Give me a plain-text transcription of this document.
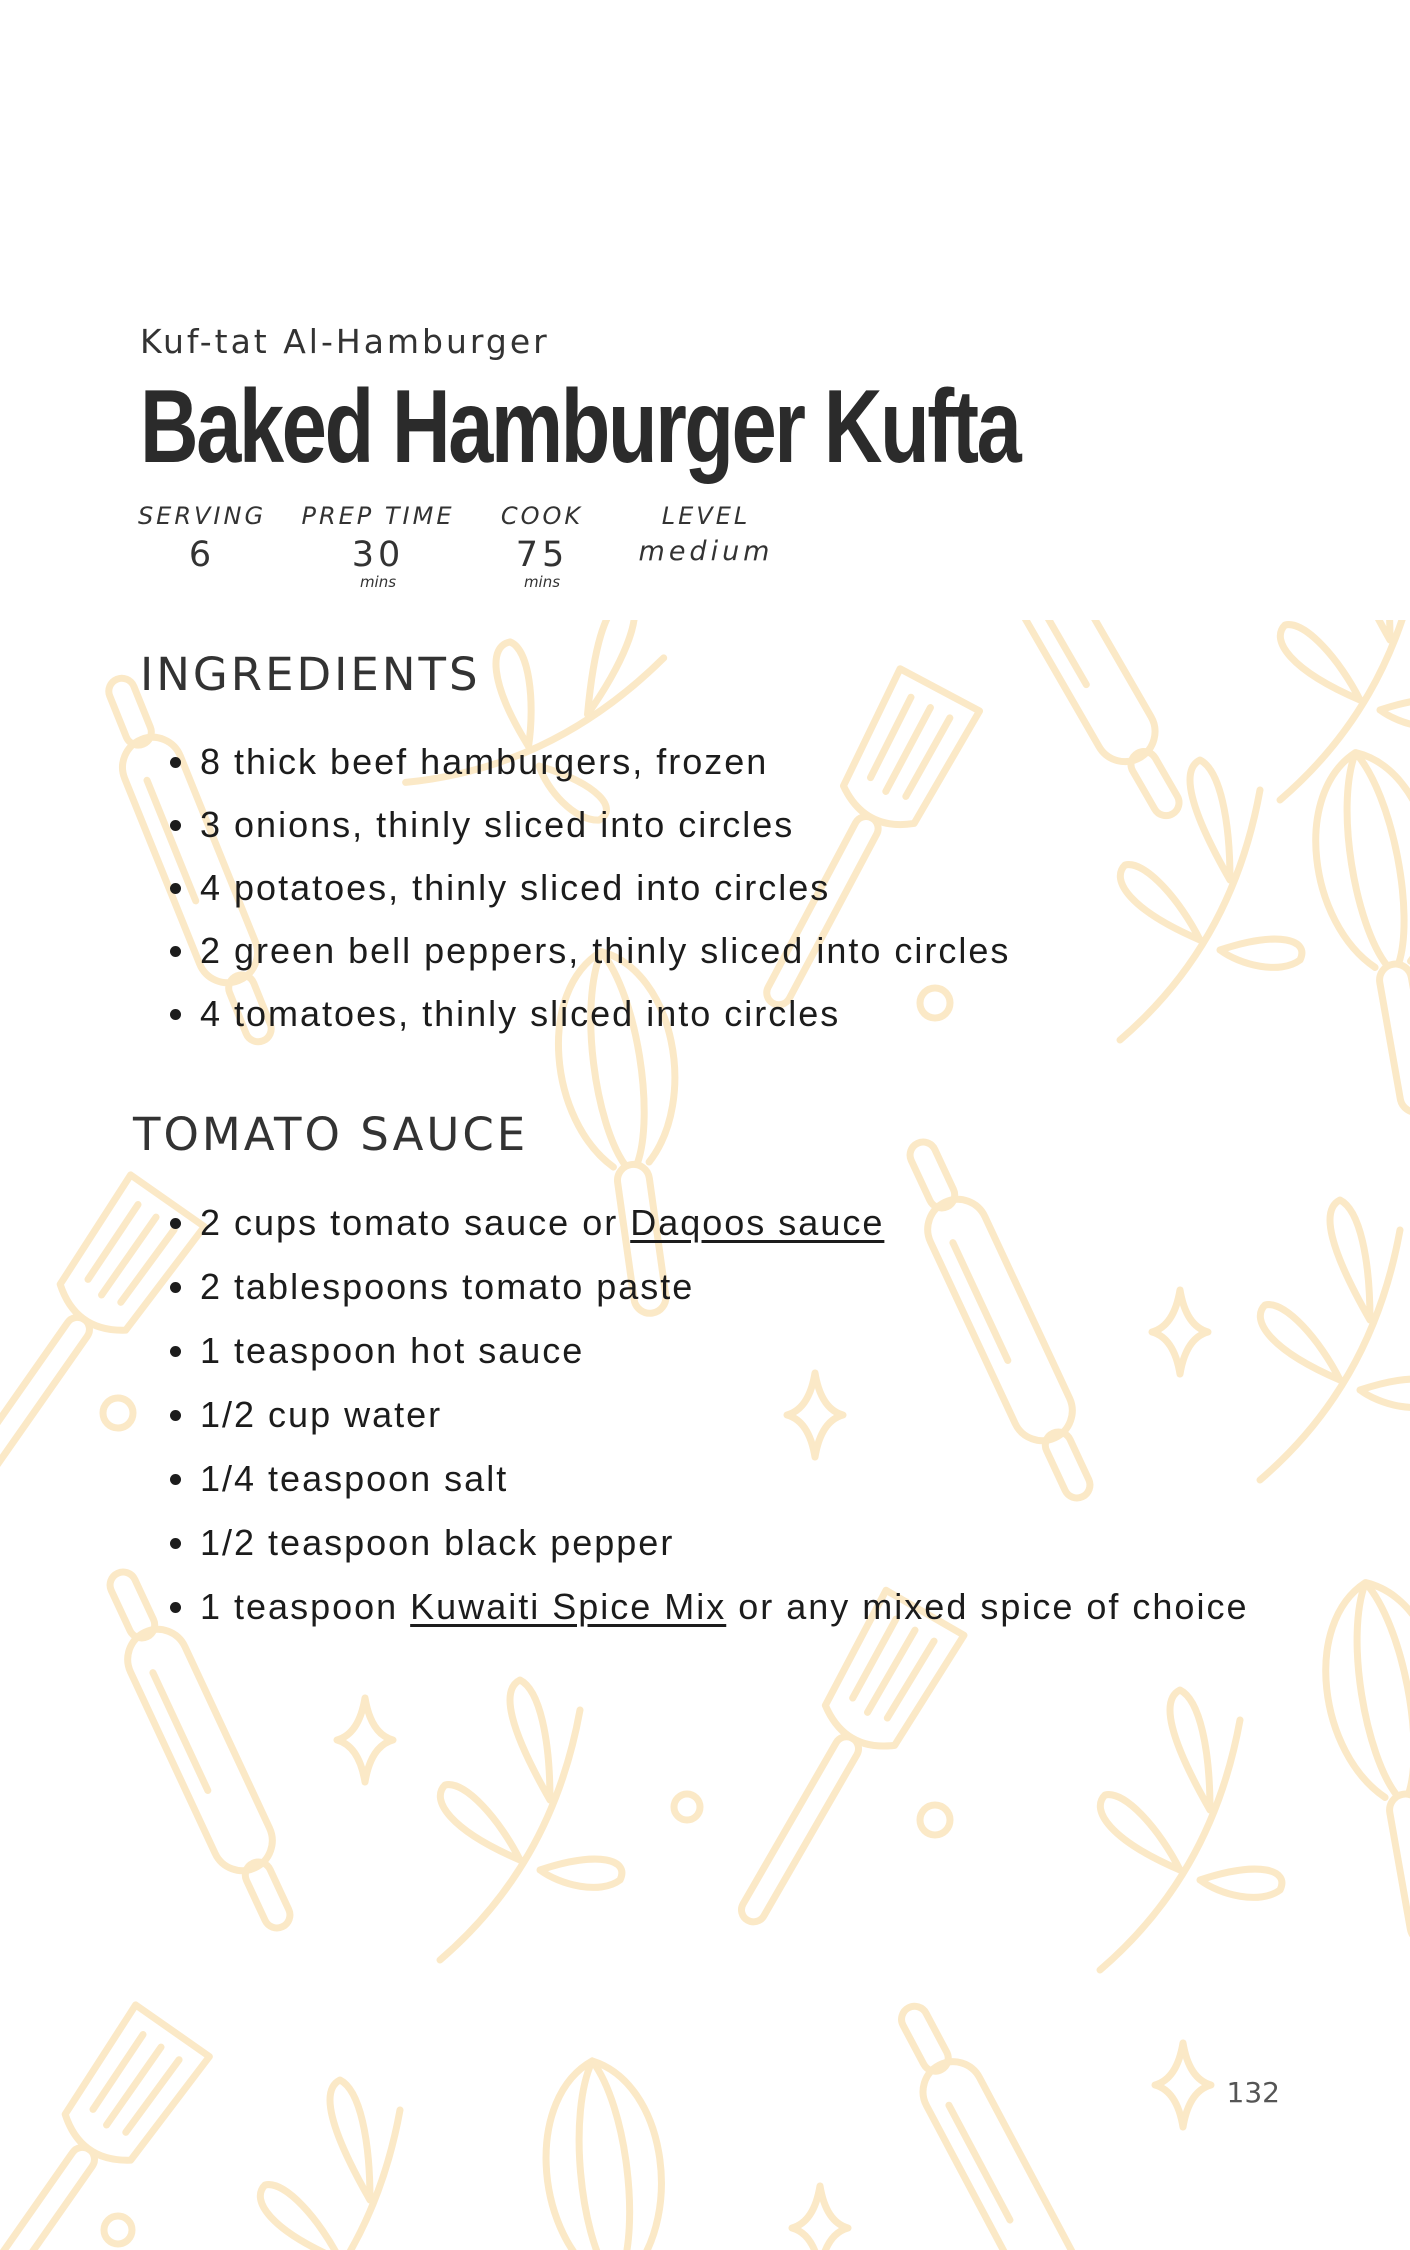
Kuf-tat Al-Hamburger
Baked Hamburger Kufta
SERVING
6
PREP TIME
30
mins
COOK
75
mins
LEVEL
medium
INGREDIENTS
8 thick beef hamburgers, frozen
3 onions, thinly sliced into circles
4 potatoes, thinly sliced into circles
2 green bell peppers, thinly sliced into circles
4 tomatoes, thinly sliced into circles
TOMATO SAUCE
2 cups tomato sauce or Daqoos sauce
2 tablespoons tomato paste
1 teaspoon hot sauce
1/2 cup water
1/4 teaspoon salt
1/2 teaspoon black pepper
1 teaspoon Kuwaiti Spice Mix or any mixed spice of choice
132
